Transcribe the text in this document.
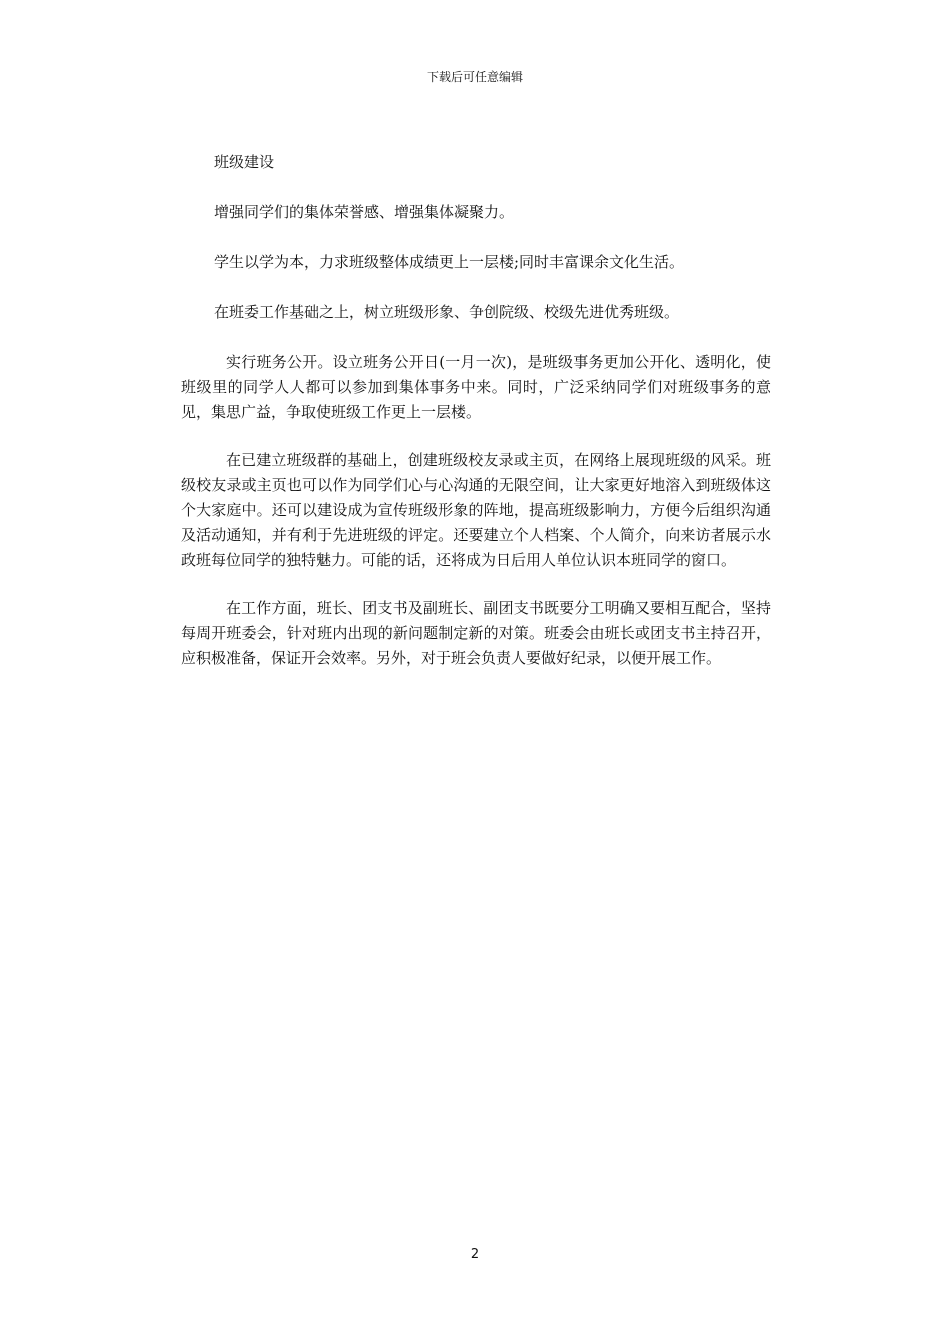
下载后可任意编辑

班级建设

增强同学们的集体荣誉感、增强集体凝聚力。

学生以学为本，力求班级整体成绩更上一层楼;同时丰富课余文化生活。

在班委工作基础之上，树立班级形象、争创院级、校级先进优秀班级。

实行班务公开。设立班务公开日(一月一次)，是班级事务更加公开化、透明化，使班级里的同学人人都可以参加到集体事务中来。同时，广泛采纳同学们对班级事务的意见，集思广益，争取使班级工作更上一层楼。

在已建立班级群的基础上，创建班级校友录或主页，在网络上展现班级的风采。班级校友录或主页也可以作为同学们心与心沟通的无限空间，让大家更好地溶入到班级体这个大家庭中。还可以建设成为宣传班级形象的阵地，提高班级影响力，方便今后组织沟通及活动通知，并有利于先进班级的评定。还要建立个人档案、个人简介，向来访者展示水政班每位同学的独特魅力。可能的话，还将成为日后用人单位认识本班同学的窗口。

在工作方面，班长、团支书及副班长、副团支书既要分工明确又要相互配合，坚持每周开班委会，针对班内出现的新问题制定新的对策。班委会由班长或团支书主持召开，应积极准备，保证开会效率。另外，对于班会负责人要做好纪录，以便开展工作。

2
